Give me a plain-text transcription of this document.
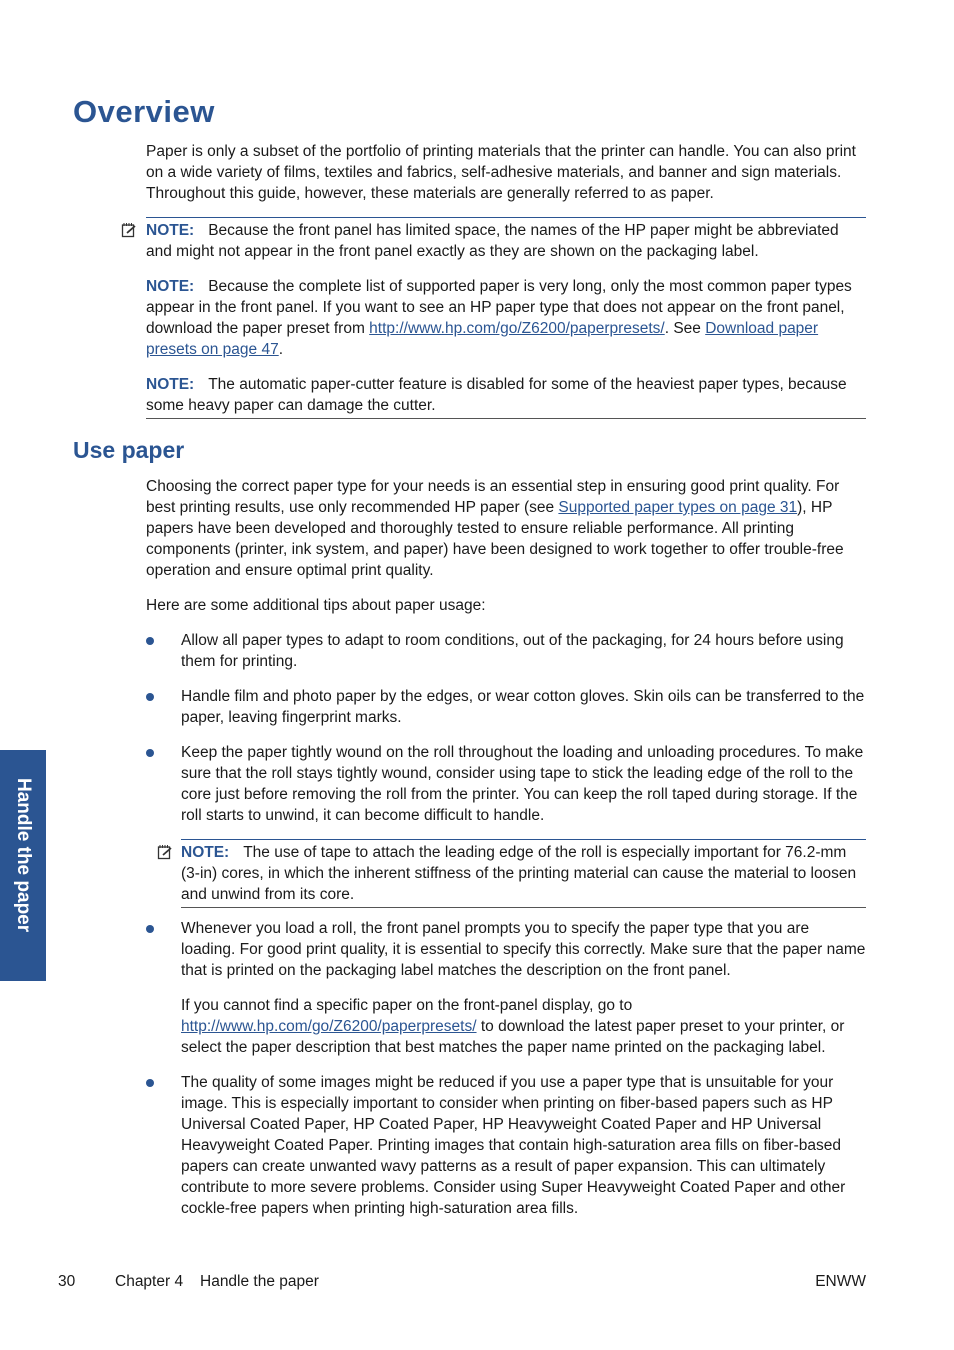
Overview

Paper is only a subset of the portfolio of printing materials that the printer can handle. You can also print on a wide variety of films, textiles and fabrics, self-adhesive materials, and banner and sign materials. Throughout this guide, however, these materials are generally referred to as paper.

NOTE: Because the front panel has limited space, the names of the HP paper might be abbreviated and might not appear in the front panel exactly as they are shown on the packaging label.

NOTE: Because the complete list of supported paper is very long, only the most common paper types appear in the front panel. If you want to see an HP paper type that does not appear on the front panel, download the paper preset from http://www.hp.com/go/Z6200/paperpresets/. See Download paper presets on page 47.

NOTE: The automatic paper-cutter feature is disabled for some of the heaviest paper types, because some heavy paper can damage the cutter.

Use paper

Choosing the correct paper type for your needs is an essential step in ensuring good print quality. For best printing results, use only recommended HP paper (see Supported paper types on page 31), HP papers have been developed and thoroughly tested to ensure reliable performance. All printing components (printer, ink system, and paper) have been designed to work together to offer trouble-free operation and ensure optimal print quality.

Here are some additional tips about paper usage:

Allow all paper types to adapt to room conditions, out of the packaging, for 24 hours before using them for printing.

Handle film and photo paper by the edges, or wear cotton gloves. Skin oils can be transferred to the paper, leaving fingerprint marks.

Keep the paper tightly wound on the roll throughout the loading and unloading procedures. To make sure that the roll stays tightly wound, consider using tape to stick the leading edge of the roll to the core just before removing the roll from the printer. You can keep the roll taped during storage. If the roll starts to unwind, it can become difficult to handle.

NOTE: The use of tape to attach the leading edge of the roll is especially important for 76.2-mm (3-in) cores, in which the inherent stiffness of the printing material can cause the material to loosen and unwind from its core.

Whenever you load a roll, the front panel prompts you to specify the paper type that you are loading. For good print quality, it is essential to specify this correctly. Make sure that the paper name that is printed on the packaging label matches the description on the front panel.

If you cannot find a specific paper on the front-panel display, go to http://www.hp.com/go/Z6200/paperpresets/ to download the latest paper preset to your printer, or select the paper description that best matches the paper name printed on the packaging label.

The quality of some images might be reduced if you use a paper type that is unsuitable for your image. This is especially important to consider when printing on fiber-based papers such as HP Universal Coated Paper, HP Coated Paper, HP Heavyweight Coated Paper and HP Universal Heavyweight Coated Paper. Printing images that contain high-saturation area fills on fiber-based papers can create unwanted wavy patterns as a result of paper expansion. This can ultimately contribute to more severe problems. Consider using Super Heavyweight Coated Paper and other cockle-free papers when printing high-saturation area fills.

Handle the paper
30	Chapter 4 Handle the paper	ENWW
